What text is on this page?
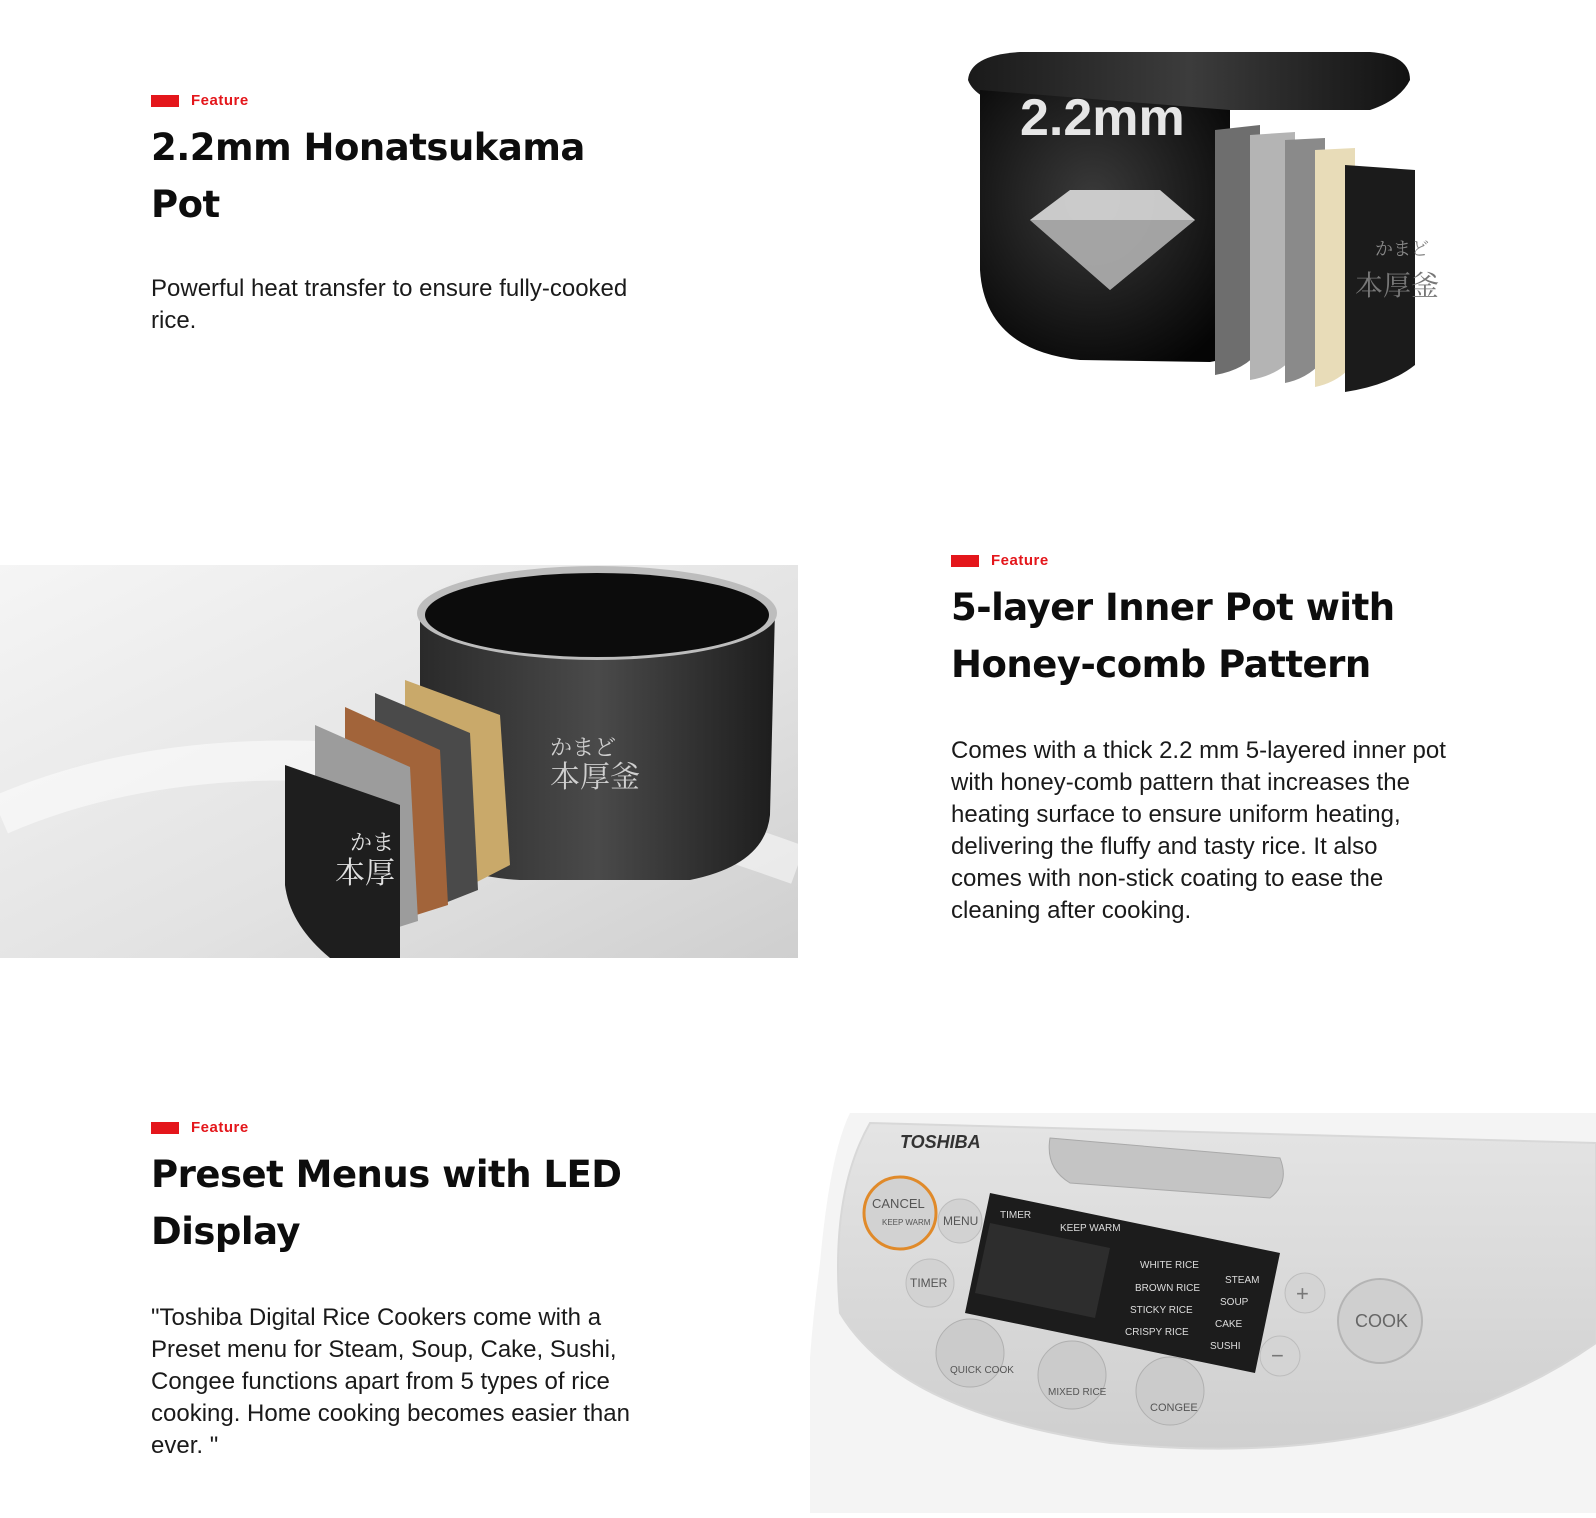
Feature
2.2mm Honatsukama Pot

Powerful heat transfer to ensure fully-cooked rice.

2.2mm
かまど
本厚釜
かまど
本厚釜
かま
本厚
Feature
5-layer Inner Pot with Honey-comb Pattern

Comes with a thick 2.2 mm 5-layered inner pot with honey-comb pattern that increases the heating surface to ensure uniform heating, delivering the fluffy and tasty rice. It also comes with non-stick coating to ease the cleaning after cooking.

Feature
Preset Menus with LED Display

"Toshiba Digital Rice Cookers come with a Preset menu for Steam, Soup, Cake, Sushi, Congee functions apart from 5 types of rice cooking. Home cooking becomes easier than ever. "

TOSHIBA
CANCEL
KEEP WARM MENU
TIMER
TIMER
KEEP WARM
WHITE RICE
BROWN RICE
STICKY RICE
CRISPY RICE
STEAM
SOUP
CAKE
SUSHI
+
−
COOK
QUICK COOK
MIXED RICE
CONGEE
